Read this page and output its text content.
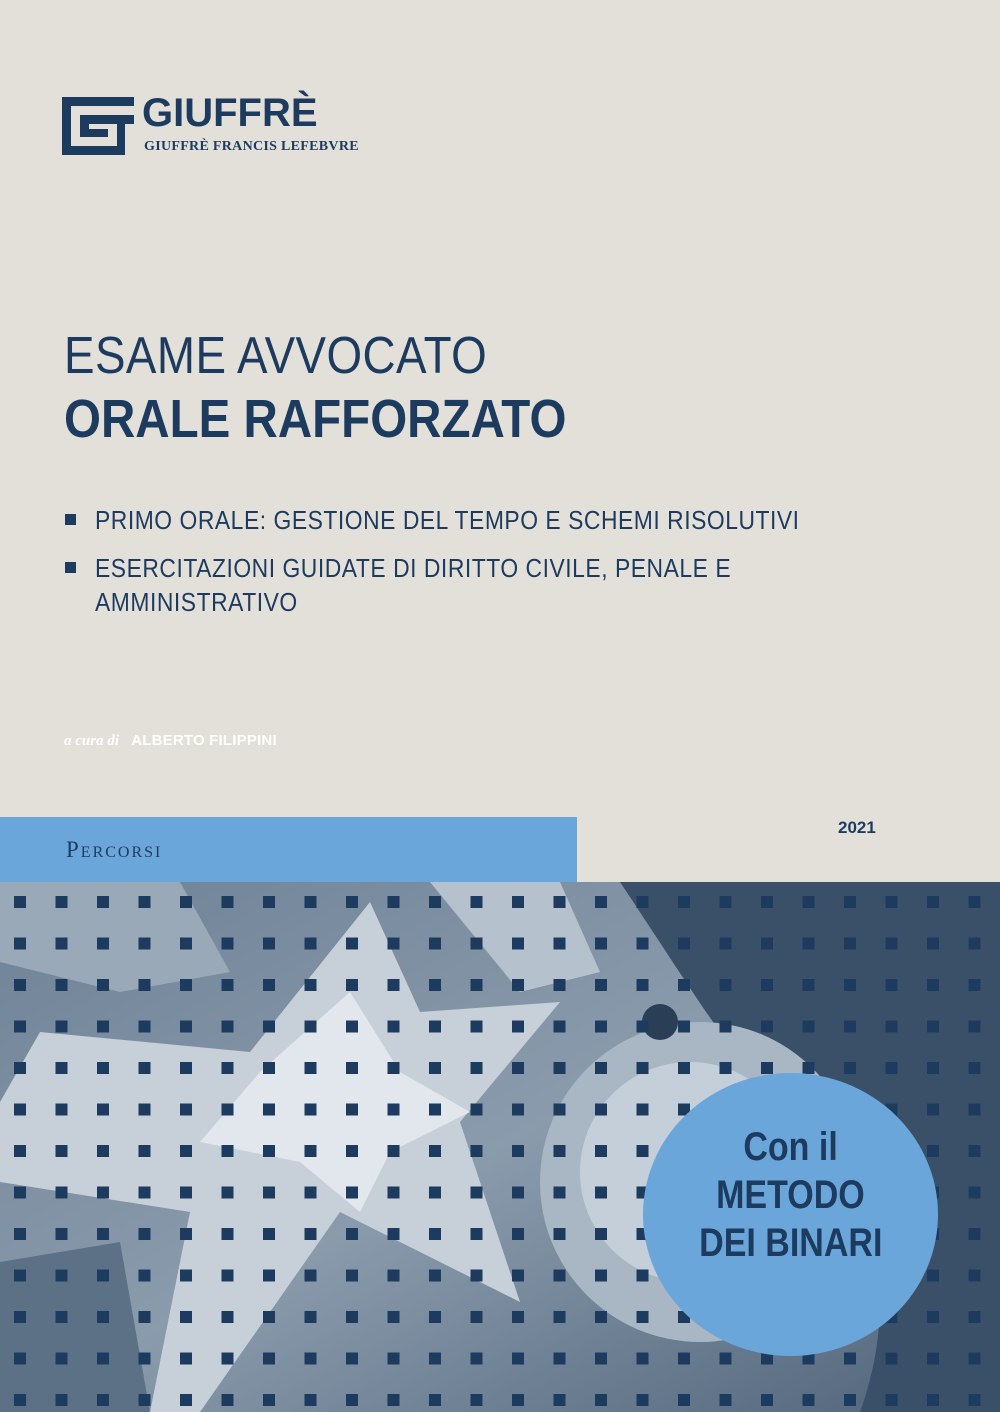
GIUFFRÈ
GIUFFRÈ FRANCIS LEFEBVRE
ESAME AVVOCATO
ORALE RAFFORZATO
PRIMO ORALE: GESTIONE DEL TEMPO E SCHEMI RISOLUTIVI
ESERCITAZIONI GUIDATE DI DIRITTO CIVILE, PENALE E AMMINISTRATIVO
a cura di ALBERTO FILIPPINI
Percorsi
2021
Con il
METODO
DEI BINARI
